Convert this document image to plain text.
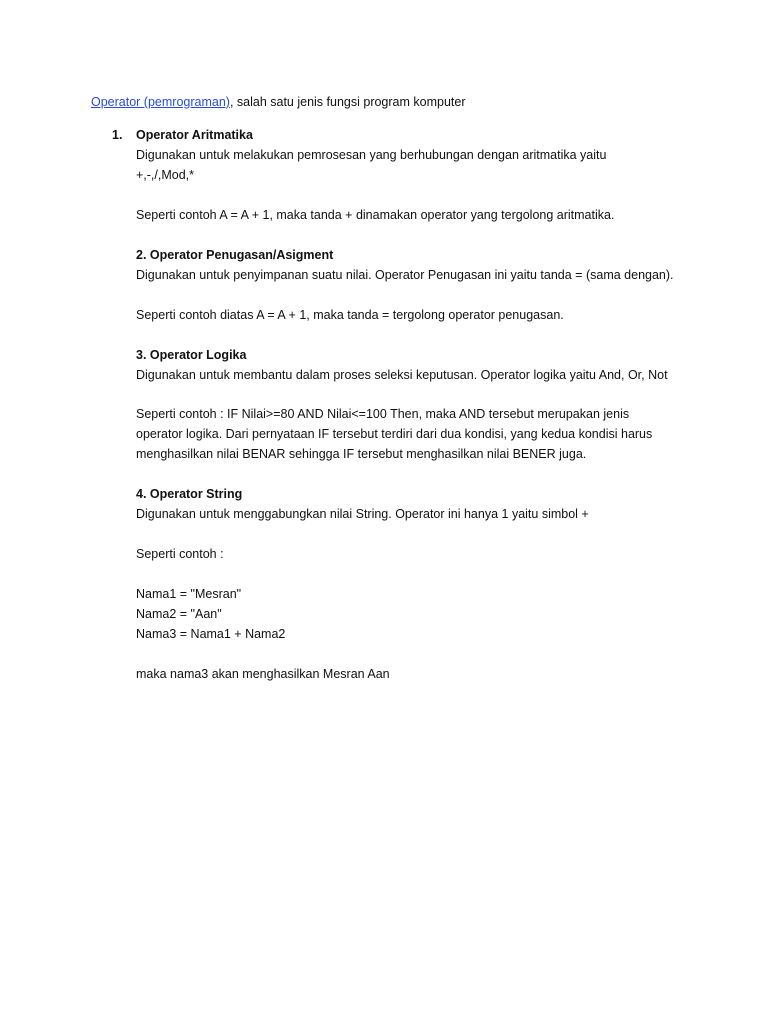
Operator (pemrograman), salah satu jenis fungsi program komputer
1. Operator Aritmatika
Digunakan untuk melakukan pemrosesan yang berhubungan dengan aritmatika yaitu
+,-,/,Mod,*
Seperti contoh A = A + 1, maka tanda + dinamakan operator yang tergolong aritmatika.
2. Operator Penugasan/Asigment
Digunakan untuk penyimpanan suatu nilai. Operator Penugasan ini yaitu tanda = (sama dengan).
Seperti contoh diatas A = A + 1, maka tanda = tergolong operator penugasan.
3. Operator Logika
Digunakan untuk membantu dalam proses seleksi keputusan. Operator logika yaitu And, Or, Not
Seperti contoh : IF Nilai>=80 AND Nilai<=100 Then, maka AND tersebut merupakan jenis
operator logika. Dari pernyataan IF tersebut terdiri dari dua kondisi, yang kedua kondisi harus
menghasilkan nilai BENAR sehingga IF tersebut menghasilkan nilai BENER juga.
4. Operator String
Digunakan untuk menggabungkan nilai String. Operator ini hanya 1 yaitu simbol +
Seperti contoh :
Nama1 = "Mesran"
Nama2 = "Aan"
Nama3 = Nama1 + Nama2
maka nama3 akan menghasilkan Mesran Aan
